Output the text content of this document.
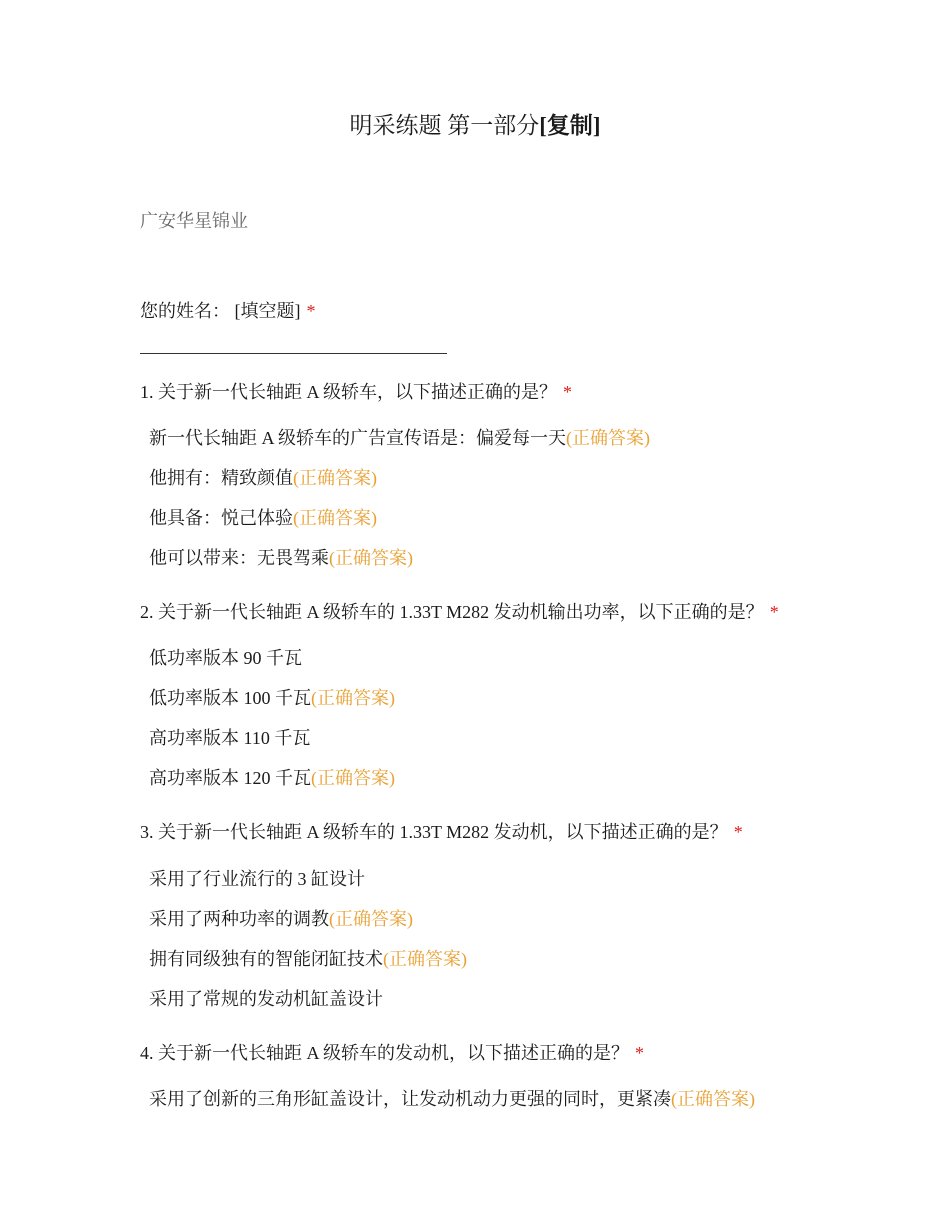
明采练题 第一部分[复制]
广安华星锦业
您的姓名： [填空题] *
1. 关于新一代长轴距 A 级轿车，以下描述正确的是？ *
新一代长轴距 A 级轿车的广告宣传语是：偏爱每一天(正确答案)
他拥有：精致颜值(正确答案)
他具备：悦己体验(正确答案)
他可以带来：无畏驾乘(正确答案)
2. 关于新一代长轴距 A 级轿车的 1.33T M282 发动机输出功率，以下正确的是？ *
低功率版本 90 千瓦
低功率版本 100 千瓦(正确答案)
高功率版本 110 千瓦
高功率版本 120 千瓦(正确答案)
3. 关于新一代长轴距 A 级轿车的 1.33T M282 发动机，以下描述正确的是？ *
采用了行业流行的 3 缸设计
采用了两种功率的调教(正确答案)
拥有同级独有的智能闭缸技术(正确答案)
采用了常规的发动机缸盖设计
4. 关于新一代长轴距 A 级轿车的发动机，以下描述正确的是？ *
采用了创新的三角形缸盖设计，让发动机动力更强的同时，更紧凑(正确答案)
